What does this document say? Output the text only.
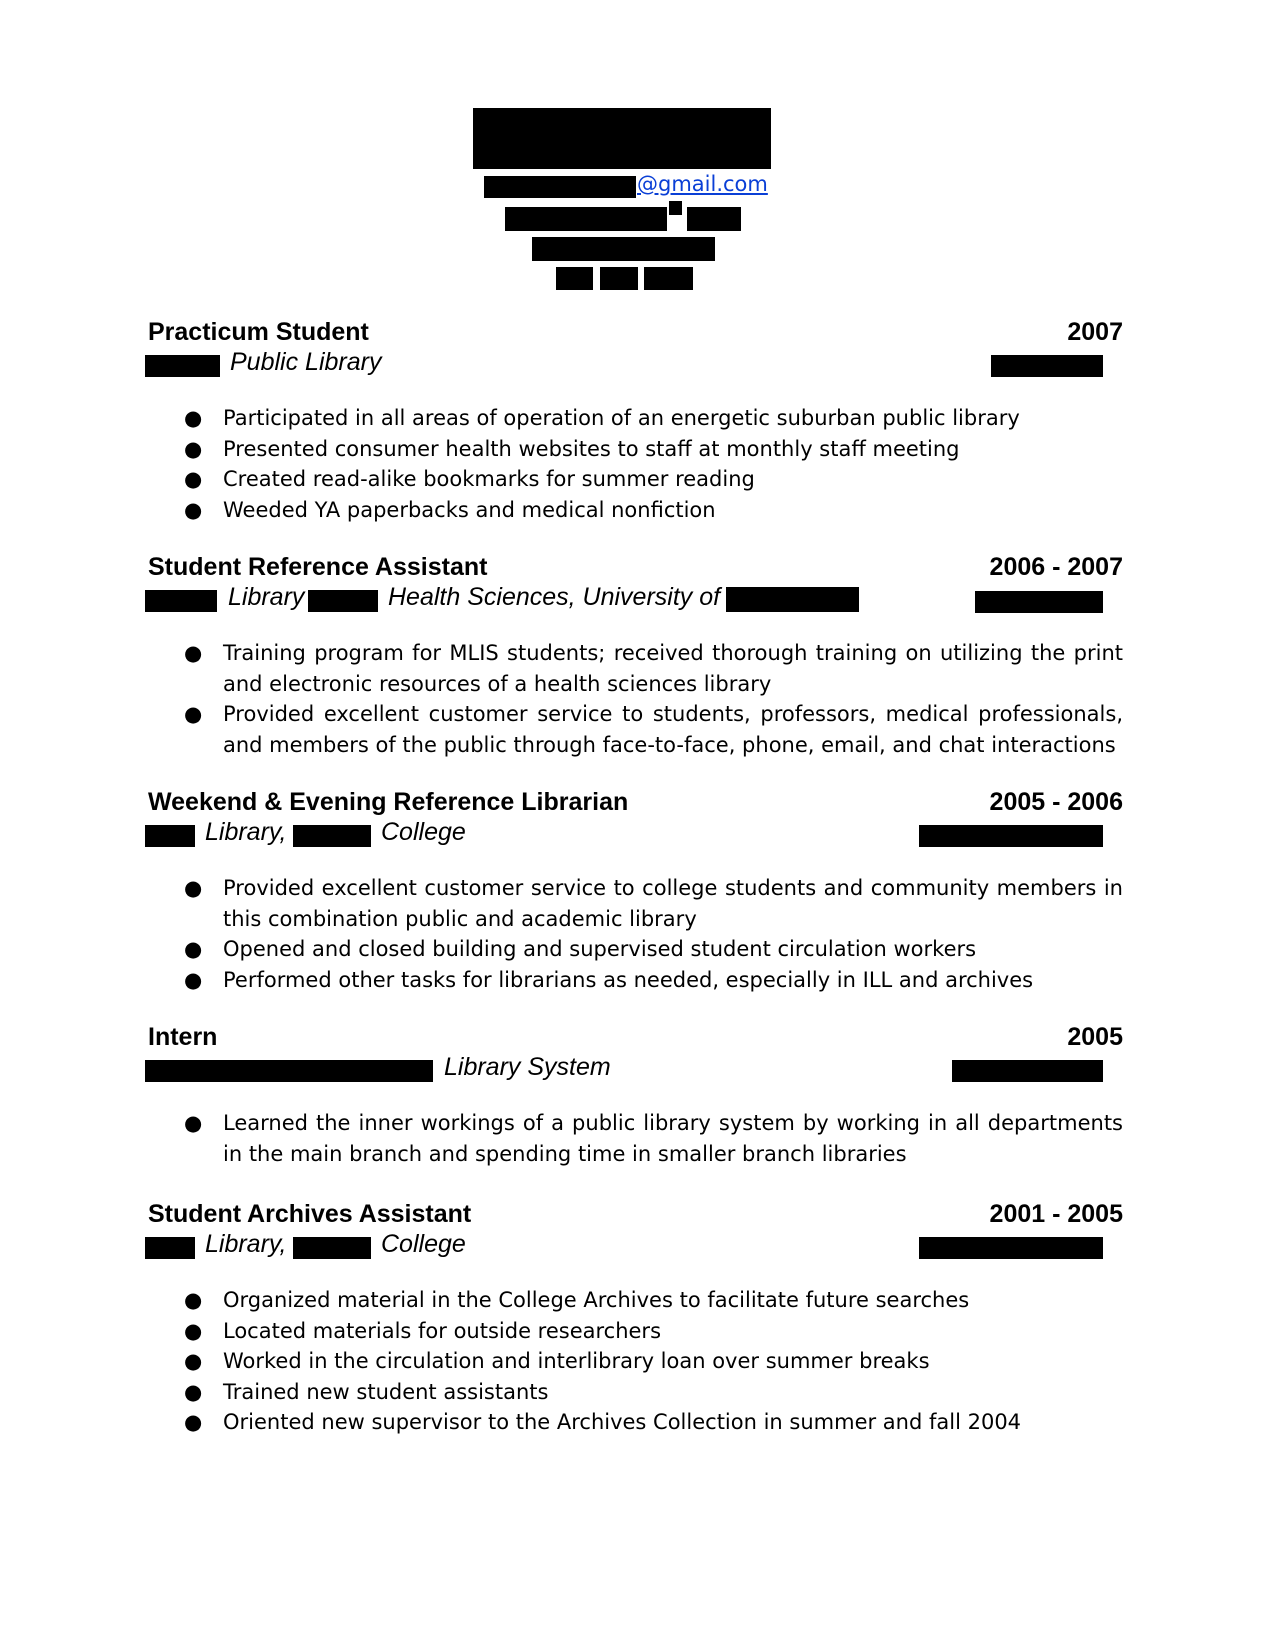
@gmail.com
Practicum Student	2007
Public Library
● Participated in all areas of operation of an energetic suburban public library
● Presented consumer health websites to staff at monthly staff meeting
● Created read-alike bookmarks for summer reading
● Weeded YA paperbacks and medical nonfiction
Student Reference Assistant	2006 - 2007
Library	Health Sciences, University of
● Training program for MLIS students; received thorough training on utilizing the print and electronic resources of a health sciences library
● Provided excellent customer service to students, professors, medical professionals, and members of the public through face-to-face, phone, email, and chat interactions
Weekend & Evening Reference Librarian	2005 - 2006
Library,	College
● Provided excellent customer service to college students and community members in this combination public and academic library
● Opened and closed building and supervised student circulation workers
● Performed other tasks for librarians as needed, especially in ILL and archives
Intern	2005
Library System
● Learned the inner workings of a public library system by working in all departments in the main branch and spending time in smaller branch libraries
Student Archives Assistant	2001 - 2005
Library,	College
● Organized material in the College Archives to facilitate future searches
● Located materials for outside researchers
● Worked in the circulation and interlibrary loan over summer breaks
● Trained new student assistants
● Oriented new supervisor to the Archives Collection in summer and fall 2004
